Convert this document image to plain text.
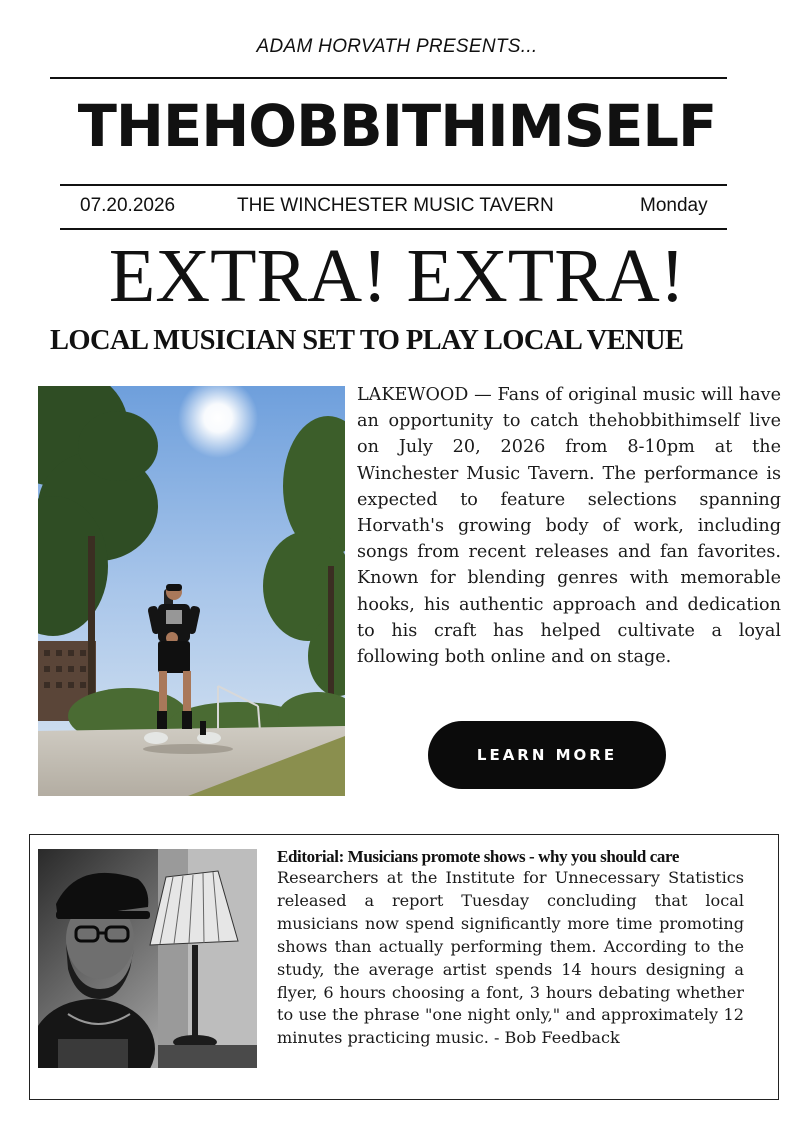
ADAM HORVATH PRESENTS...
THEHOBBITHIMSELF
07.20.2026	THE WINCHESTER MUSIC TAVERN	Monday
EXTRA! EXTRA!
LOCAL MUSICIAN SET TO PLAY LOCAL VENUE
LAKEWOOD — Fans of original music will have an opportunity to catch thehobbithimself live on July 20, 2026 from 8-10pm at the Winchester Music Tavern. The performance is expected to feature selections spanning Horvath's growing body of work, including songs from recent releases and fan favorites. Known for blending genres with memorable hooks, his authentic approach and dedication to his craft has helped cultivate a loyal following both online and on stage.
LEARN MORE
Editorial: Musicians promote shows - why you should care
Researchers at the Institute for Unnecessary Statistics released a report Tuesday concluding that local musicians now spend significantly more time promoting shows than actually performing them. According to the study, the average artist spends 14 hours designing a flyer, 6 hours choosing a font, 3 hours debating whether to use the phrase "one night only," and approximately 12 minutes practicing music. - Bob Feedback
